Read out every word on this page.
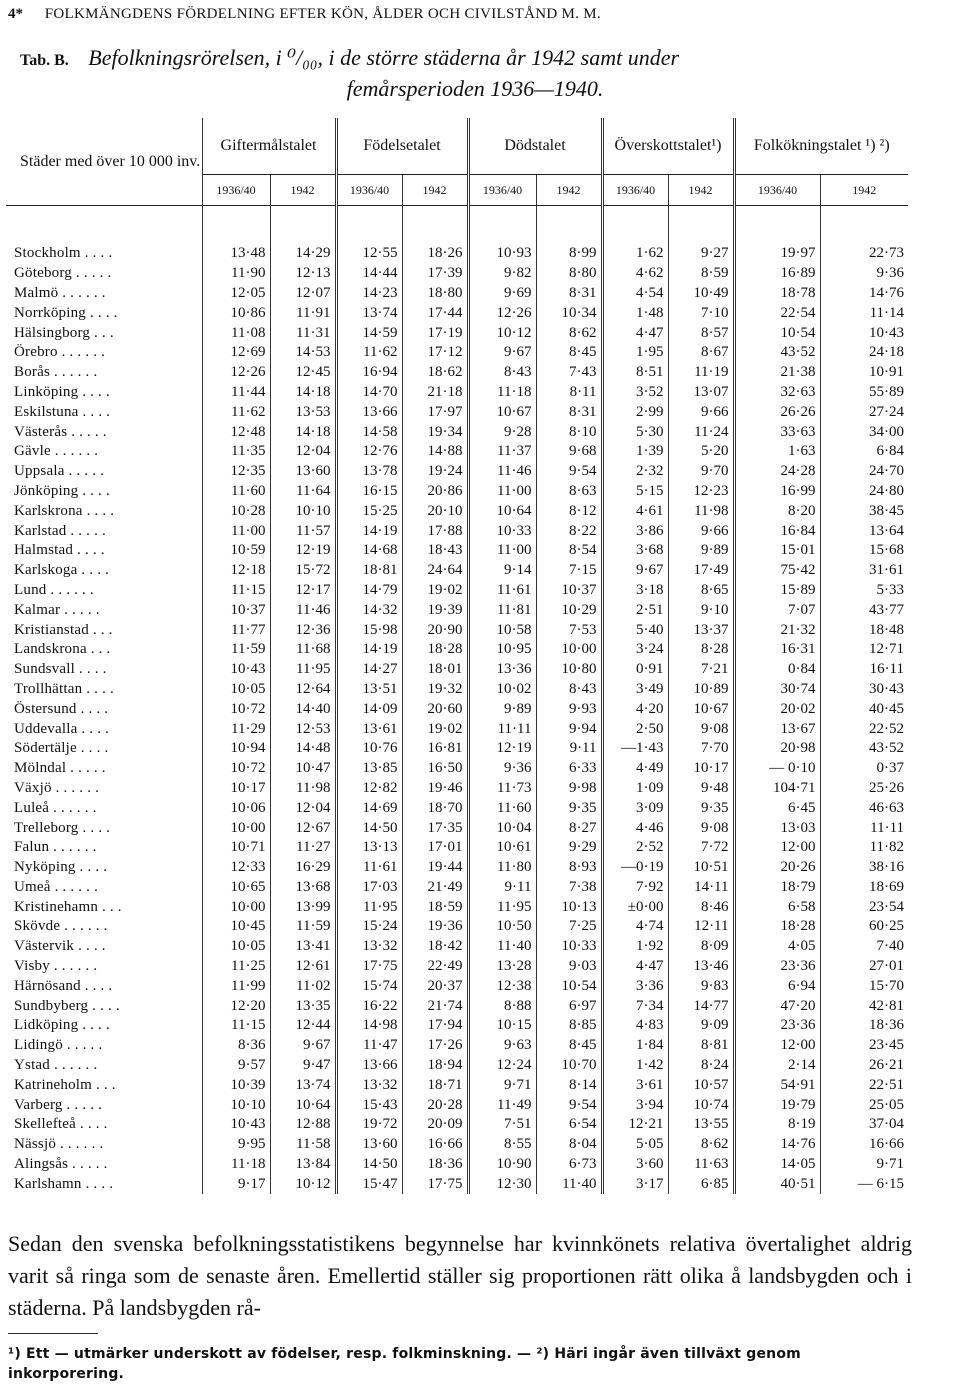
4* FOLKMÄNGDENS FÖRDELNING EFTER KÖN, ÅLDER OCH CIVILSTÅND M. M.
Tab. B. Befolkningsrörelsen, i ⁰/₀₀, i de större städerna år 1942 samt under
femårsperioden 1936—1940.
Städer med över 10 000 inv.	Giftermålstalet		Födelsetalet		Dödstalet		Överskottstalet¹)		Folkökningstalet ¹) ²)	
	1936/40	1942	1936/40	1942	1936/40	1942	1936/40	1942	1936/40	1942

Stockholm . . . .	13·48	14·29	12·55	18·26	10·93	8·99	1·62	9·27	19·97	22·73
Göteborg . . . . .	11·90	12·13	14·44	17·39	9·82	8·80	4·62	8·59	16·89	9·36
Malmö . . . . . .	12·05	12·07	14·23	18·80	9·69	8·31	4·54	10·49	18·78	14·76
Norrköping . . . .	10·86	11·91	13·74	17·44	12·26	10·34	1·48	7·10	22·54	11·14
Hälsingborg . . .	11·08	11·31	14·59	17·19	10·12	8·62	4·47	8·57	10·54	10·43
Örebro . . . . . .	12·69	14·53	11·62	17·12	9·67	8·45	1·95	8·67	43·52	24·18
Borås . . . . . .	12·26	12·45	16·94	18·62	8·43	7·43	8·51	11·19	21·38	10·91
Linköping . . . .	11·44	14·18	14·70	21·18	11·18	8·11	3·52	13·07	32·63	55·89
Eskilstuna . . . .	11·62	13·53	13·66	17·97	10·67	8·31	2·99	9·66	26·26	27·24
Västerås . . . . .	12·48	14·18	14·58	19·34	9·28	8·10	5·30	11·24	33·63	34·00
Gävle . . . . . .	11·35	12·04	12·76	14·88	11·37	9·68	1·39	5·20	1·63	6·84
Uppsala . . . . .	12·35	13·60	13·78	19·24	11·46	9·54	2·32	9·70	24·28	24·70
Jönköping . . . .	11·60	11·64	16·15	20·86	11·00	8·63	5·15	12·23	16·99	24·80
Karlskrona . . . .	10·28	10·10	15·25	20·10	10·64	8·12	4·61	11·98	8·20	38·45
Karlstad . . . . .	11·00	11·57	14·19	17·88	10·33	8·22	3·86	9·66	16·84	13·64
Halmstad . . . .	10·59	12·19	14·68	18·43	11·00	8·54	3·68	9·89	15·01	15·68
Karlskoga . . . .	12·18	15·72	18·81	24·64	9·14	7·15	9·67	17·49	75·42	31·61
Lund . . . . . .	11·15	12·17	14·79	19·02	11·61	10·37	3·18	8·65	15·89	5·33
Kalmar . . . . .	10·37	11·46	14·32	19·39	11·81	10·29	2·51	9·10	7·07	43·77
Kristianstad . . .	11·77	12·36	15·98	20·90	10·58	7·53	5·40	13·37	21·32	18·48
Landskrona . . .	11·59	11·68	14·19	18·28	10·95	10·00	3·24	8·28	16·31	12·71
Sundsvall . . . .	10·43	11·95	14·27	18·01	13·36	10·80	0·91	7·21	0·84	16·11
Trollhättan . . . .	10·05	12·64	13·51	19·32	10·02	8·43	3·49	10·89	30·74	30·43
Östersund . . . .	10·72	14·40	14·09	20·60	9·89	9·93	4·20	10·67	20·02	40·45
Uddevalla . . . .	11·29	12·53	13·61	19·02	11·11	9·94	2·50	9·08	13·67	22·52
Södertälje . . . .	10·94	14·48	10·76	16·81	12·19	9·11	—1·43	7·70	20·98	43·52
Mölndal . . . . .	10·72	10·47	13·85	16·50	9·36	6·33	4·49	10·17	— 0·10	0·37
Växjö . . . . . .	10·17	11·98	12·82	19·46	11·73	9·98	1·09	9·48	104·71	25·26
Luleå . . . . . .	10·06	12·04	14·69	18·70	11·60	9·35	3·09	9·35	6·45	46·63
Trelleborg . . . .	10·00	12·67	14·50	17·35	10·04	8·27	4·46	9·08	13·03	11·11
Falun . . . . . .	10·71	11·27	13·13	17·01	10·61	9·29	2·52	7·72	12·00	11·82
Nyköping . . . .	12·33	16·29	11·61	19·44	11·80	8·93	—0·19	10·51	20·26	38·16
Umeå . . . . . .	10·65	13·68	17·03	21·49	9·11	7·38	7·92	14·11	18·79	18·69
Kristinehamn . . .	10·00	13·99	11·95	18·59	11·95	10·13	±0·00	8·46	6·58	23·54
Skövde . . . . . .	10·45	11·59	15·24	19·36	10·50	7·25	4·74	12·11	18·28	60·25
Västervik . . . .	10·05	13·41	13·32	18·42	11·40	10·33	1·92	8·09	4·05	7·40
Visby . . . . . .	11·25	12·61	17·75	22·49	13·28	9·03	4·47	13·46	23·36	27·01
Härnösand . . . .	11·99	11·02	15·74	20·37	12·38	10·54	3·36	9·83	6·94	15·70
Sundbyberg . . . .	12·20	13·35	16·22	21·74	8·88	6·97	7·34	14·77	47·20	42·81
Lidköping . . . .	11·15	12·44	14·98	17·94	10·15	8·85	4·83	9·09	23·36	18·36
Lidingö . . . . .	8·36	9·67	11·47	17·26	9·63	8·45	1·84	8·81	12·00	23·45
Ystad . . . . . .	9·57	9·47	13·66	18·94	12·24	10·70	1·42	8·24	2·14	26·21
Katrineholm . . .	10·39	13·74	13·32	18·71	9·71	8·14	3·61	10·57	54·91	22·51
Varberg . . . . .	10·10	10·64	15·43	20·28	11·49	9·54	3·94	10·74	19·79	25·05
Skellefteå . . . .	10·43	12·88	19·72	20·09	7·51	6·54	12·21	13·55	8·19	37·04
Nässjö . . . . . .	9·95	11·58	13·60	16·66	8·55	8·04	5·05	8·62	14·76	16·66
Alingsås . . . . .	11·18	13·84	14·50	18·36	10·90	6·73	3·60	11·63	14·05	9·71
Karlshamn . . . .	9·17	10·12	15·47	17·75	12·30	11·40	3·17	6·85	40·51	— 6·15
Sedan den svenska befolkningsstatistikens begynnelse har kvinnkönets relativa övertalighet aldrig varit så ringa som de senaste åren. Emellertid ställer sig proportionen rätt olika å landsbygden och i städerna. På landsbygden rå-
¹) Ett — utmärker underskott av födelser, resp. folkminskning. — ²) Häri ingår även tillväxt genom inkorporering.
